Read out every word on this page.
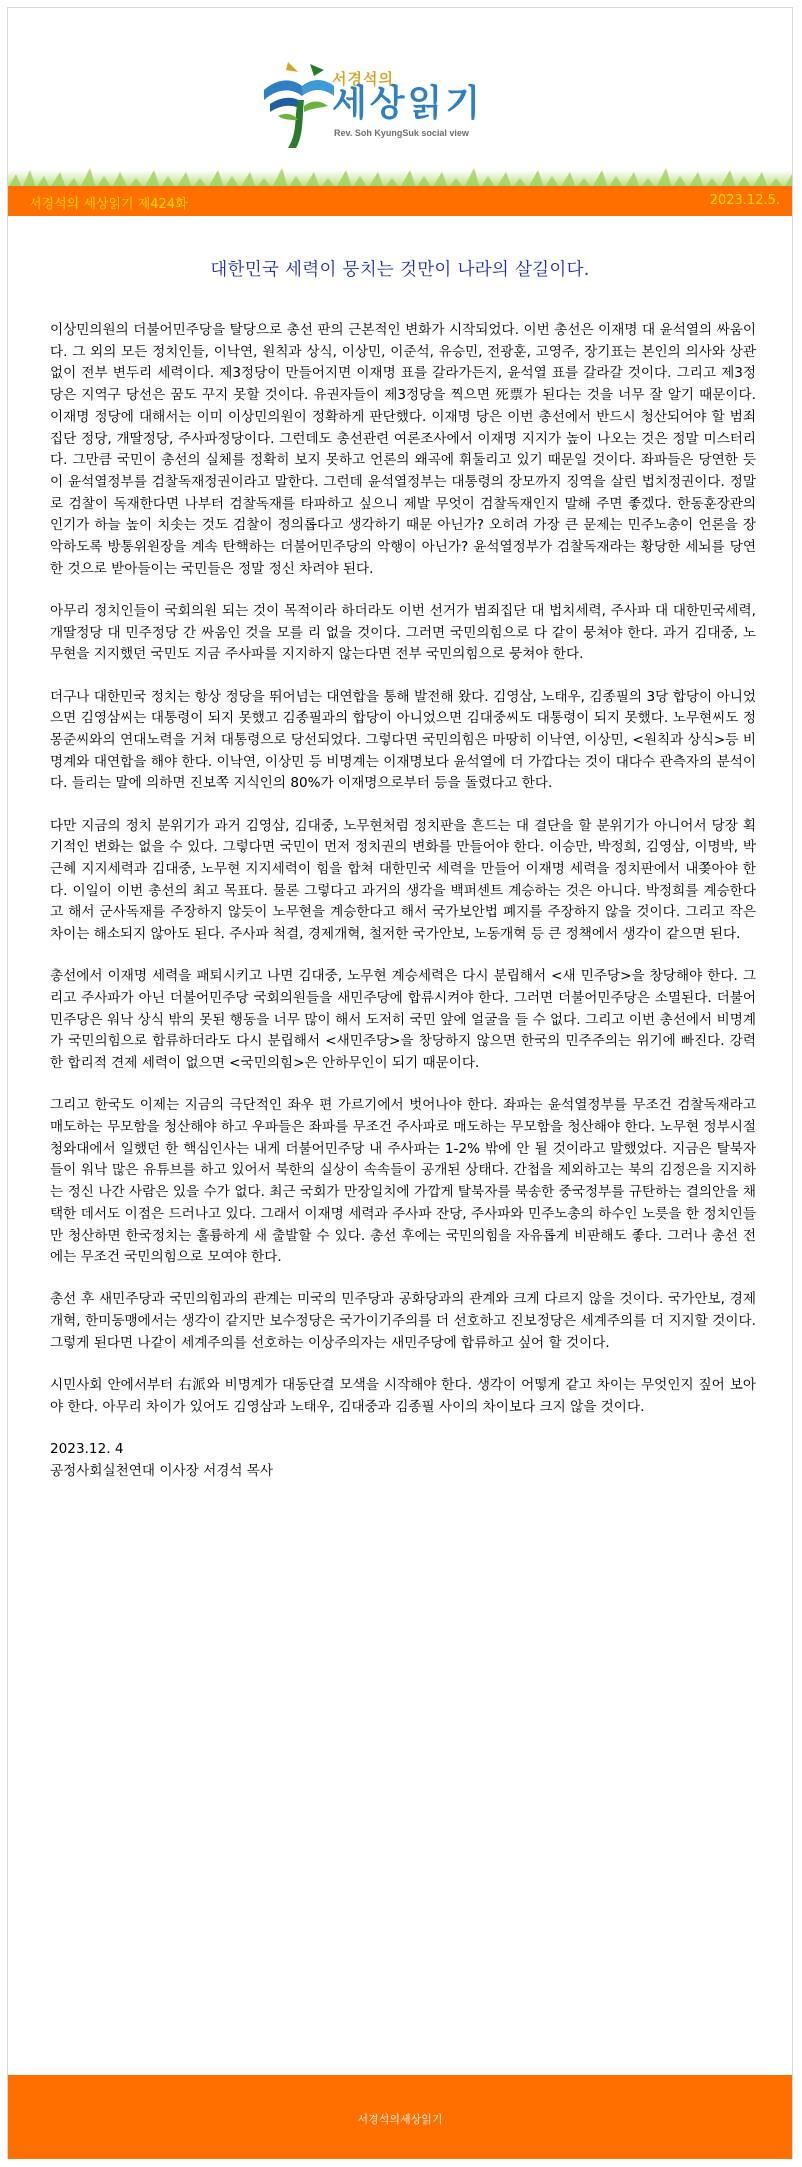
서경석의
세상읽기
Rev. Soh KyungSuk social view
서경석의 세상읽기 제424화	2023.12.5.
대한민국 세력이 뭉치는 것만이 나라의 살길이다.

이상민의원의 더불어민주당을 탈당으로 총선 판의 근본적인 변화가 시작되었다. 이번 총선은 이재명 대 윤석열의 싸움이다. 그 외의 모든 정치인들, 이낙연, 원칙과 상식, 이상민, 이준석, 유승민, 전광훈, 고영주, 장기표는 본인의 의사와 상관없이 전부 변두리 세력이다. 제3정당이 만들어지면 이재명 표를 갈라가든지, 윤석열 표를 갈라갈 것이다. 그리고 제3정당은 지역구 당선은 꿈도 꾸지 못할 것이다. 유권자들이 제3정당을 찍으면 死票가 된다는 것을 너무 잘 알기 때문이다. 이재명 정당에 대해서는 이미 이상민의원이 정확하게 판단했다. 이재명 당은 이번 총선에서 반드시 청산되어야 할 범죄집단 정당, 개딸정당, 주사파정당이다. 그런데도 총선관련 여론조사에서 이재명 지지가 높이 나오는 것은 정말 미스터리다. 그만큼 국민이 총선의 실체를 정확히 보지 못하고 언론의 왜곡에 휘둘리고 있기 때문일 것이다. 좌파들은 당연한 듯이 윤석열정부를 검찰독재정권이라고 말한다. 그런데 윤석열정부는 대통령의 장모까지 징역을 살린 법치정권이다. 정말로 검찰이 독재한다면 나부터 검찰독재를 타파하고 싶으니 제발 무엇이 검찰독재인지 말해 주면 좋겠다. 한동훈장관의 인기가 하늘 높이 치솟는 것도 검찰이 정의롭다고 생각하기 때문 아닌가? 오히려 가장 큰 문제는 민주노총이 언론을 장악하도록 방통위원장을 계속 탄핵하는 더불어민주당의 악행이 아닌가? 윤석열정부가 검찰독재라는 황당한 세뇌를 당연한 것으로 받아들이는 국민들은 정말 정신 차려야 된다.

아무리 정치인들이 국회의원 되는 것이 목적이라 하더라도 이번 선거가 범죄집단 대 법치세력, 주사파 대 대한민국세력, 개딸정당 대 민주정당 간 싸움인 것을 모를 리 없을 것이다. 그러면 국민의힘으로 다 같이 뭉쳐야 한다. 과거 김대중, 노무현을 지지했던 국민도 지금 주사파를 지지하지 않는다면 전부 국민의힘으로 뭉쳐야 한다.

더구나 대한민국 정치는 항상 정당을 뛰어넘는 대연합을 통해 발전해 왔다. 김영삼, 노태우, 김종필의 3당 합당이 아니었으면 김영삼씨는 대통령이 되지 못했고 김종필과의 합당이 아니었으면 김대중씨도 대통령이 되지 못했다. 노무현씨도 정몽준씨와의 연대노력을 거쳐 대통령으로 당선되었다. 그렇다면 국민의힘은 마땅히 이낙연, 이상민, <원칙과 상식>등 비명계와 대연합을 해야 한다. 이낙연, 이상민 등 비명계는 이재명보다 윤석열에 더 가깝다는 것이 대다수 관측자의 분석이다. 들리는 말에 의하면 진보쪽 지식인의 80%가 이재명으로부터 등을 돌렸다고 한다.

다만 지금의 정치 분위기가 과거 김영삼, 김대중, 노무현처럼 정치판을 흔드는 대 결단을 할 분위기가 아니어서 당장 획기적인 변화는 없을 수 있다. 그렇다면 국민이 먼저 정치권의 변화를 만들어야 한다. 이승만, 박정희, 김영삼, 이명박, 박근혜 지지세력과 김대중, 노무현 지지세력이 힘을 합쳐 대한민국 세력을 만들어 이재명 세력을 정치판에서 내쫒아야 한다. 이일이 이번 총선의 최고 목표다. 물론 그렇다고 과거의 생각을 백퍼센트 계승하는 것은 아니다. 박정희를 계승한다고 해서 군사독재를 주장하지 않듯이 노무현을 계승한다고 해서 국가보안법 폐지를 주장하지 않을 것이다. 그리고 작은 차이는 해소되지 않아도 된다. 주사파 척결, 경제개혁, 철저한 국가안보, 노동개혁 등 큰 정책에서 생각이 같으면 된다.

총선에서 이재명 세력을 패퇴시키고 나면 김대중, 노무현 계승세력은 다시 분립해서 <새 민주당>을 창당해야 한다. 그리고 주사파가 아닌 더불어민주당 국회의원들을 새민주당에 합류시켜야 한다. 그러면 더불어민주당은 소멸된다. 더불어민주당은 워낙 상식 밖의 못된 행동을 너무 많이 해서 도저히 국민 앞에 얼굴을 들 수 없다. 그리고 이번 총선에서 비명계가 국민의힘으로 합류하더라도 다시 분립해서 <새민주당>을 창당하지 않으면 한국의 민주주의는 위기에 빠진다. 강력한 합리적 견제 세력이 없으면 <국민의힘>은 안하무인이 되기 때문이다.

그리고 한국도 이제는 지금의 극단적인 좌우 편 가르기에서 벗어나야 한다. 좌파는 윤석열정부를 무조건 검찰독재라고 매도하는 무모함을 청산해야 하고 우파들은 좌파를 무조건 주사파로 매도하는 무모함을 청산해야 한다. 노무현 정부시절 청와대에서 일했던 한 핵심인사는 내게 더불어민주당 내 주사파는 1-2% 밖에 안 될 것이라고 말했었다. 지금은 탈북자들이 워낙 많은 유튜브를 하고 있어서 북한의 실상이 속속들이 공개된 상태다. 간첩을 제외하고는 북의 김정은을 지지하는 정신 나간 사람은 있을 수가 없다. 최근 국회가 만장일치에 가깝게 탈북자를 북송한 중국정부를 규탄하는 결의안을 채택한 데서도 이점은 드러나고 있다. 그래서 이재명 세력과 주사파 잔당, 주사파와 민주노총의 하수인 노릇을 한 정치인들만 청산하면 한국정치는 훌륭하게 새 출발할 수 있다. 총선 후에는 국민의힘을 자유롭게 비판해도 좋다. 그러나 총선 전에는 무조건 국민의힘으로 모여야 한다.

총선 후 새민주당과 국민의힘과의 관계는 미국의 민주당과 공화당과의 관계와 크게 다르지 않을 것이다. 국가안보, 경제개혁, 한미동맹에서는 생각이 같지만 보수정당은 국가이기주의를 더 선호하고 진보정당은 세계주의를 더 지지할 것이다. 그렇게 된다면 나같이 세계주의를 선호하는 이상주의자는 새민주당에 합류하고 싶어 할 것이다.

시민사회 안에서부터 右派와 비명계가 대동단결 모색을 시작해야 한다. 생각이 어떻게 같고 차이는 무엇인지 짚어 보아야 한다. 아무리 차이가 있어도 김영삼과 노태우, 김대중과 김종필 사이의 차이보다 크지 않을 것이다.

2023.12. 4
공정사회실천연대 이사장 서경석 목사
서경석의세상읽기
